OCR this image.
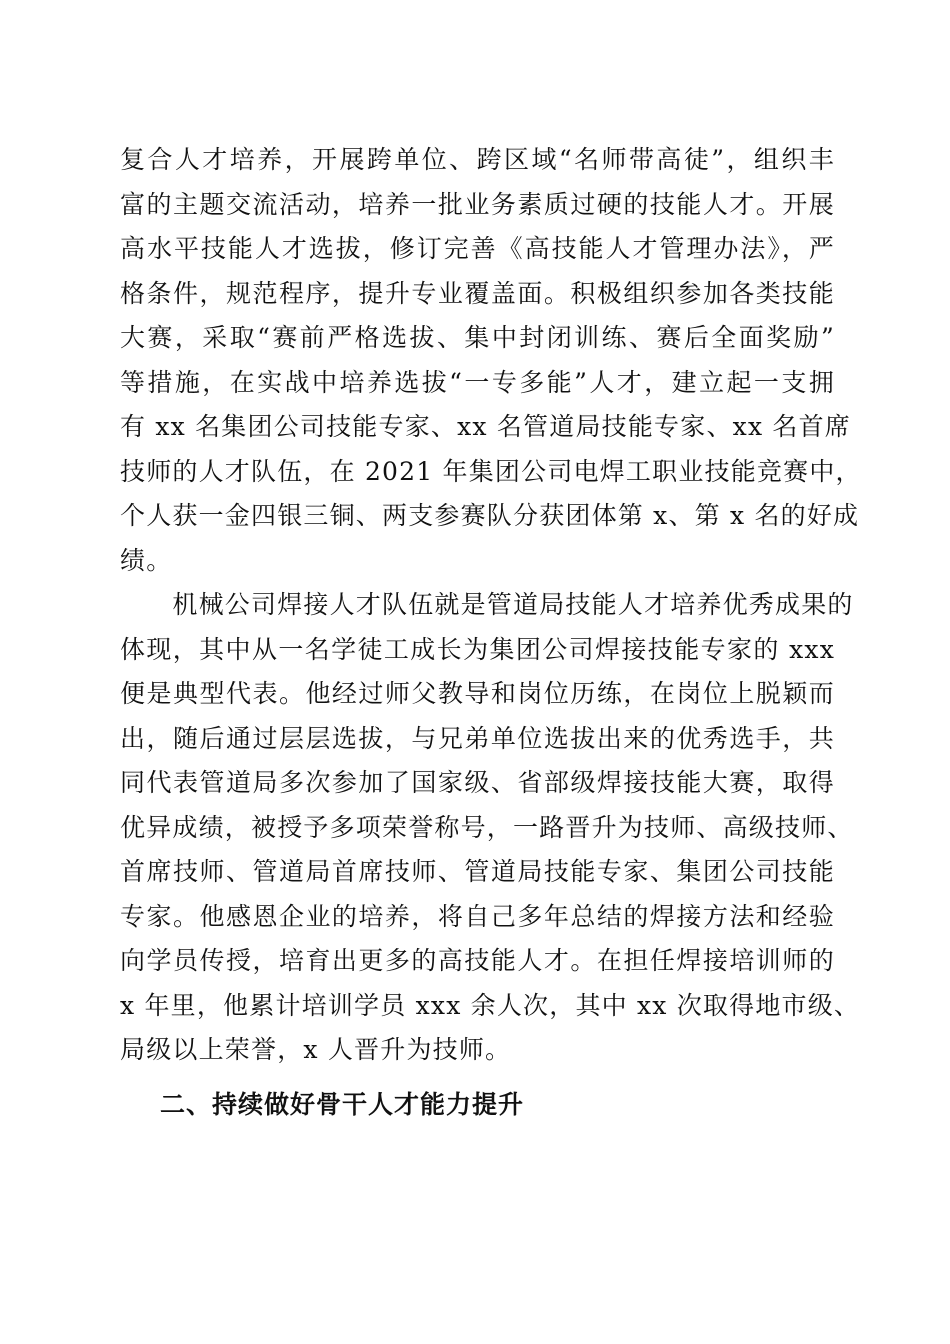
复合人才培养，开展跨单位、跨区域“名师带高徒”，组织丰
富的主题交流活动，培养一批业务素质过硬的技能人才。开展
高水平技能人才选拔，修订完善《高技能人才管理办法》，严
格条件，规范程序，提升专业覆盖面。积极组织参加各类技能
大赛，采取“赛前严格选拔、集中封闭训练、赛后全面奖励”
等措施，在实战中培养选拔“一专多能”人才，建立起一支拥
有 xx 名集团公司技能专家、xx 名管道局技能专家、xx 名首席
技师的人才队伍，在 2021 年集团公司电焊工职业技能竞赛中，
个人获一金四银三铜、两支参赛队分获团体第 x、第 x 名的好成
绩。
　　机械公司焊接人才队伍就是管道局技能人才培养优秀成果的
体现，其中从一名学徒工成长为集团公司焊接技能专家的 xxx
便是典型代表。他经过师父教导和岗位历练，在岗位上脱颖而
出，随后通过层层选拔，与兄弟单位选拔出来的优秀选手，共
同代表管道局多次参加了国家级、省部级焊接技能大赛，取得
优异成绩，被授予多项荣誉称号，一路晋升为技师、高级技师、
首席技师、管道局首席技师、管道局技能专家、集团公司技能
专家。他感恩企业的培养，将自己多年总结的焊接方法和经验
向学员传授，培育出更多的高技能人才。在担任焊接培训师的
x 年里，他累计培训学员 xxx 余人次，其中 xx 次取得地市级、
局级以上荣誉，x 人晋升为技师。
二、持续做好骨干人才能力提升
